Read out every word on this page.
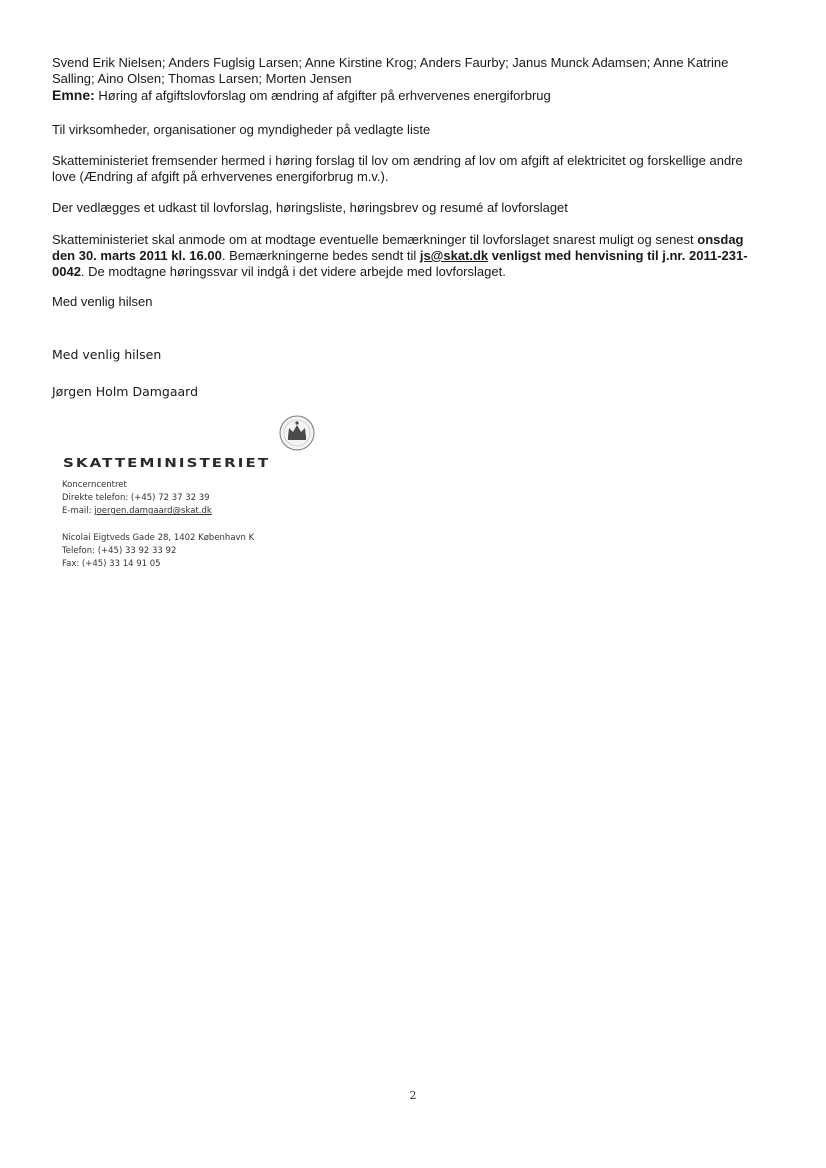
Svend Erik Nielsen; Anders Fuglsig Larsen; Anne Kirstine Krog; Anders Faurby; Janus Munck Adamsen; Anne Katrine Salling; Aino Olsen; Thomas Larsen; Morten Jensen
Emne: Høring af afgiftslovforslag om ændring af afgifter på erhvervenes energiforbrug
Til virksomheder, organisationer og myndigheder på vedlagte liste
Skatteministeriet fremsender hermed i høring forslag til lov om ændring af lov om afgift af elektricitet og forskellige andre love (Ændring af afgift på erhvervenes energiforbrug m.v.).
Der vedlægges et udkast til lovforslag, høringsliste, høringsbrev og resumé af lovforslaget
Skatteministeriet skal anmode om at modtage eventuelle bemærkninger til lovforslaget snarest muligt og senest onsdag den 30. marts 2011 kl. 16.00. Bemærkningerne bedes sendt til js@skat.dk venligst med henvisning til j.nr. 2011-231-0042. De modtagne høringssvar vil indgå i det videre arbejde med lovforslaget.
Med venlig hilsen
Med venlig hilsen
Jørgen Holm Damgaard
SKATTEMINISTERIET
Koncerncentret
Direkte telefon: (+45) 72 37 32 39
E-mail: jоergen.damgaard@skat.dk
Nicolai Eigtveds Gade 28, 1402 København K
Telefon: (+45) 33 92 33 92
Fax: (+45) 33 14 91 05
2
